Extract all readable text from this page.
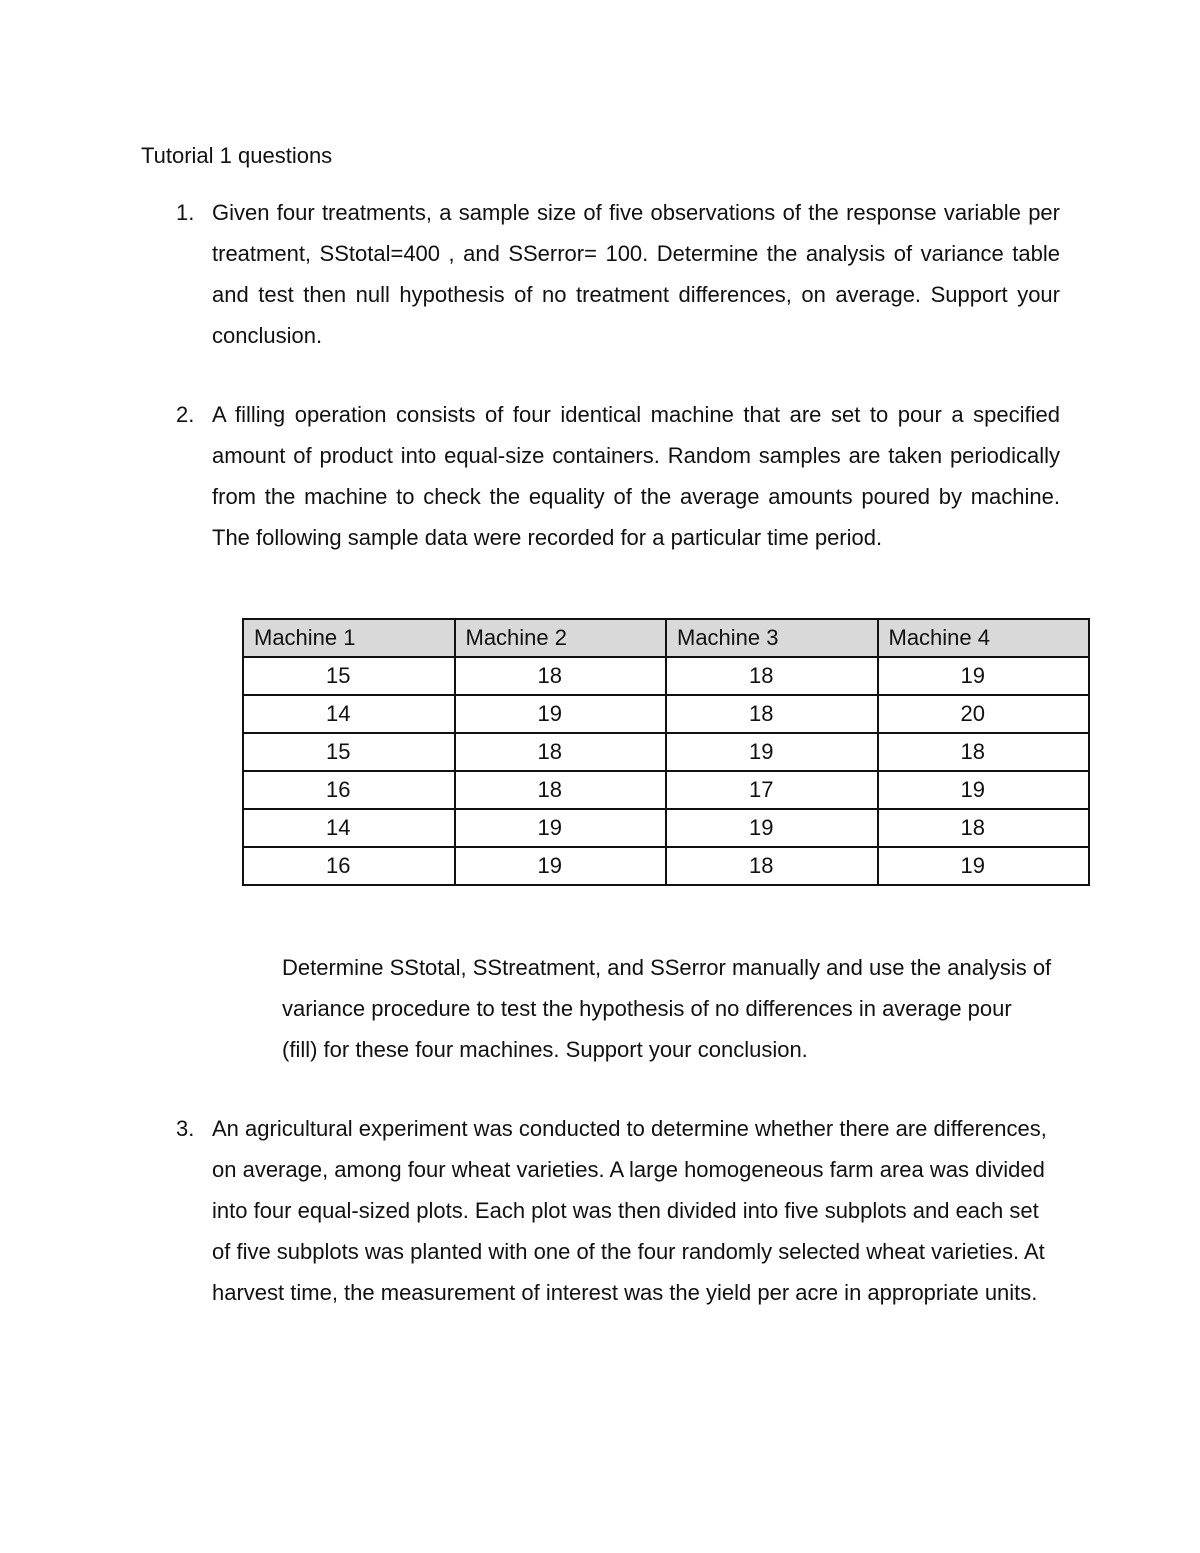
Tutorial 1 questions
1. Given four treatments, a sample size of five observations of the response variable per treatment, SStotal=400 , and SSerror= 100. Determine the analysis of variance table and test then null hypothesis of no treatment differences, on average. Support your conclusion.
2. A filling operation consists of four identical machine that are set to pour a specified amount of product into equal-size containers. Random samples are taken periodically from the machine to check the equality of the average amounts poured by machine. The following sample data were recorded for a particular time period.
Machine 1	Machine 2	Machine 3	Machine 4
15	18	18	19
14	19	18	20
15	18	19	18
16	18	17	19
14	19	19	18
16	19	18	19
Determine SStotal, SStreatment, and SSerror manually and use the analysis of variance procedure to test the hypothesis of no differences in average pour (fill) for these four machines. Support your conclusion.
3. An agricultural experiment was conducted to determine whether there are differences, on average, among four wheat varieties. A large homogeneous farm area was divided into four equal-sized plots. Each plot was then divided into five subplots and each set of five subplots was planted with one of the four randomly selected wheat varieties. At harvest time, the measurement of interest was the yield per acre in appropriate units.
